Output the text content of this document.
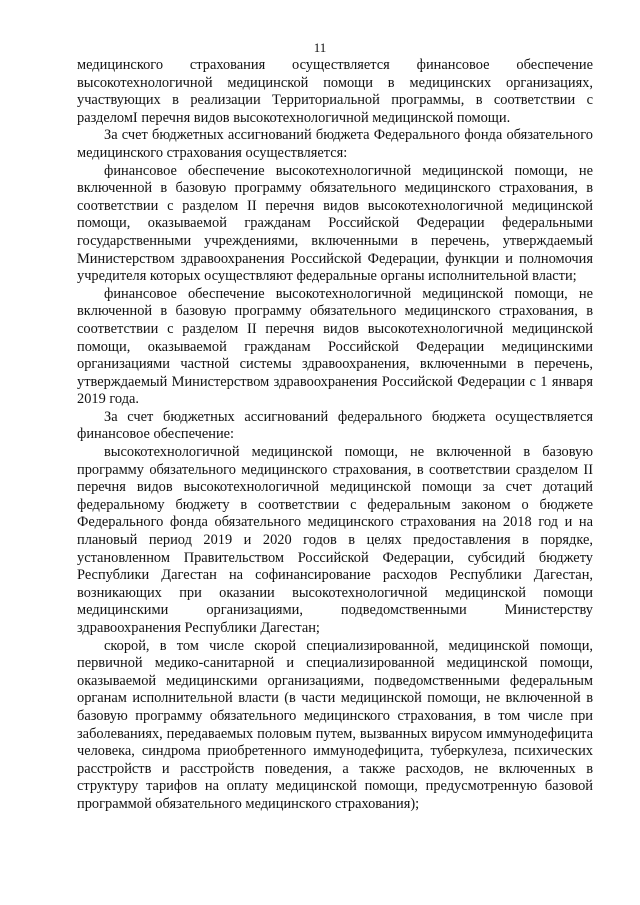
11

медицинского страхования осуществляется финансовое обеспечение высокотехнологичной медицинской помощи в медицинских организациях, участвующих в реализации Территориальной программы, в соответствии с разделомI перечня видов высокотехнологичной медицинской помощи.

За счет бюджетных ассигнований бюджета Федерального фонда обязательного медицинского страхования осуществляется:

финансовое обеспечение высокотехнологичной медицинской помощи, не включенной в базовую программу обязательного медицинского страхования, в соответствии с разделом II перечня видов высокотехнологичной медицинской помощи, оказываемой гражданам Российской Федерации федеральными государственными учреждениями, включенными в перечень, утверждаемый Министерством здравоохранения Российской Федерации, функции и полномочия учредителя которых осуществляют федеральные органы исполнительной власти;

финансовое обеспечение высокотехнологичной медицинской помощи, не включенной в базовую программу обязательного медицинского страхования, в соответствии с разделом II перечня видов высокотехнологичной медицинской помощи, оказываемой гражданам Российской Федерации медицинскими организациями частной системы здравоохранения, включенными в перечень, утверждаемый Министерством здравоохранения Российской Федерации с 1 января 2019 года.

За счет бюджетных ассигнований федерального бюджета осуществляется финансовое обеспечение:

высокотехнологичной медицинской помощи, не включенной в базовую программу обязательного медицинского страхования, в соответствии сразделом II перечня видов высокотехнологичной медицинской помощи за счет дотаций федеральному бюджету в соответствии с федеральным законом о бюджете Федерального фонда обязательного медицинского страхования на 2018 год и на плановый период 2019 и 2020 годов в целях предоставления в порядке, установленном Правительством Российской Федерации, субсидий бюджету Республики Дагестан на софинансирование расходов Республики Дагестан, возникающих при оказании высокотехнологичной медицинской помощи медицинскими организациями, подведомственными Министерству здравоохранения Республики Дагестан;

скорой, в том числе скорой специализированной, медицинской помощи, первичной медико-санитарной и специализированной медицинской помощи, оказываемой медицинскими организациями, подведомственными федеральным органам исполнительной власти (в части медицинской помощи, не включенной в базовую программу обязательного медицинского страхования, в том числе при заболеваниях, передаваемых половым путем, вызванных вирусом иммунодефицита человека, синдрома приобретенного иммунодефицита, туберкулеза, психических расстройств и расстройств поведения, а также расходов, не включенных в структуру тарифов на оплату медицинской помощи, предусмотренную базовой программой обязательного медицинского страхования);
